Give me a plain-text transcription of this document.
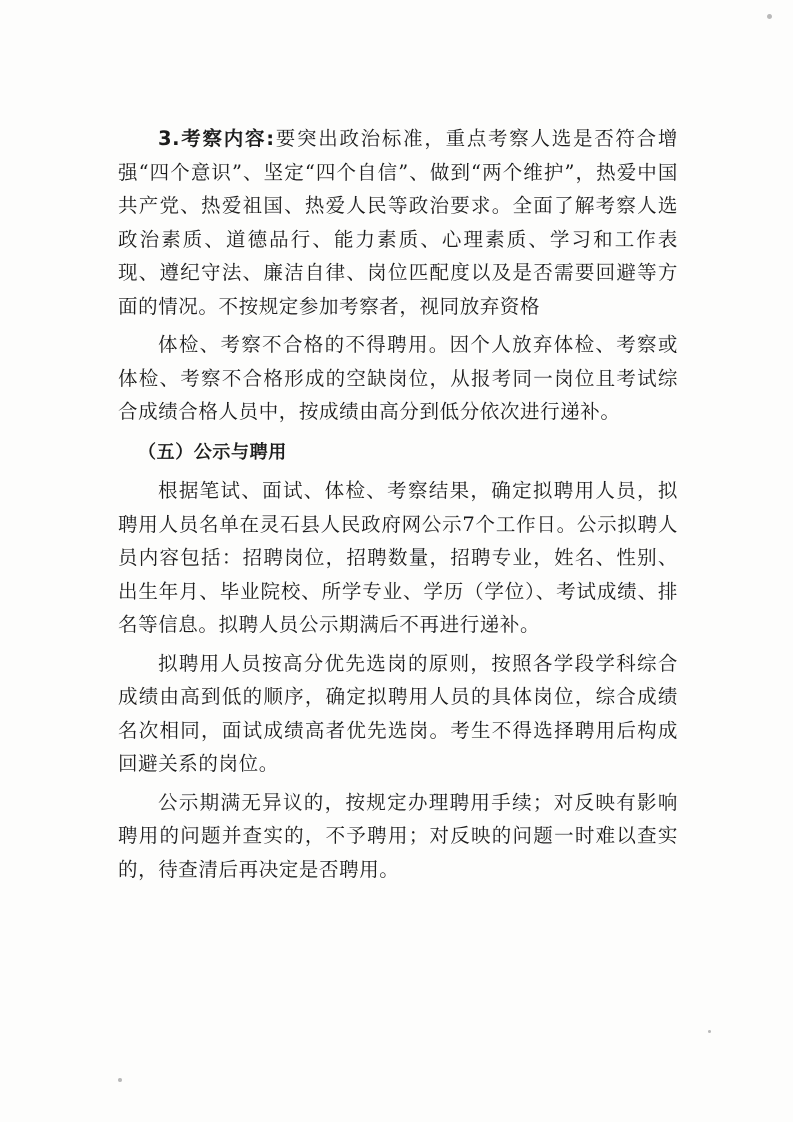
3.考察内容:要突出政治标准，重点考察人选是否符合增强“四个意识”、坚定“四个自信”、做到“两个维护”，热爱中国共产党、热爱祖国、热爱人民等政治要求。全面了解考察人选政治素质、道德品行、能力素质、心理素质、学习和工作表现、遵纪守法、廉洁自律、岗位匹配度以及是否需要回避等方面的情况。不按规定参加考察者，视同放弃资格

体检、考察不合格的不得聘用。因个人放弃体检、考察或体检、考察不合格形成的空缺岗位，从报考同一岗位且考试综合成绩合格人员中，按成绩由高分到低分依次进行递补。

（五）公示与聘用

根据笔试、面试、体检、考察结果，确定拟聘用人员，拟聘用人员名单在灵石县人民政府网公示7个工作日。公示拟聘人员内容包括：招聘岗位，招聘数量，招聘专业，姓名、性别、出生年月、毕业院校、所学专业、学历（学位）、考试成绩、排名等信息。拟聘人员公示期满后不再进行递补。

拟聘用人员按高分优先选岗的原则，按照各学段学科综合成绩由高到低的顺序，确定拟聘用人员的具体岗位，综合成绩名次相同，面试成绩高者优先选岗。考生不得选择聘用后构成回避关系的岗位。

公示期满无异议的，按规定办理聘用手续；对反映有影响聘用的问题并查实的，不予聘用；对反映的问题一时难以查实的，待查清后再决定是否聘用。
